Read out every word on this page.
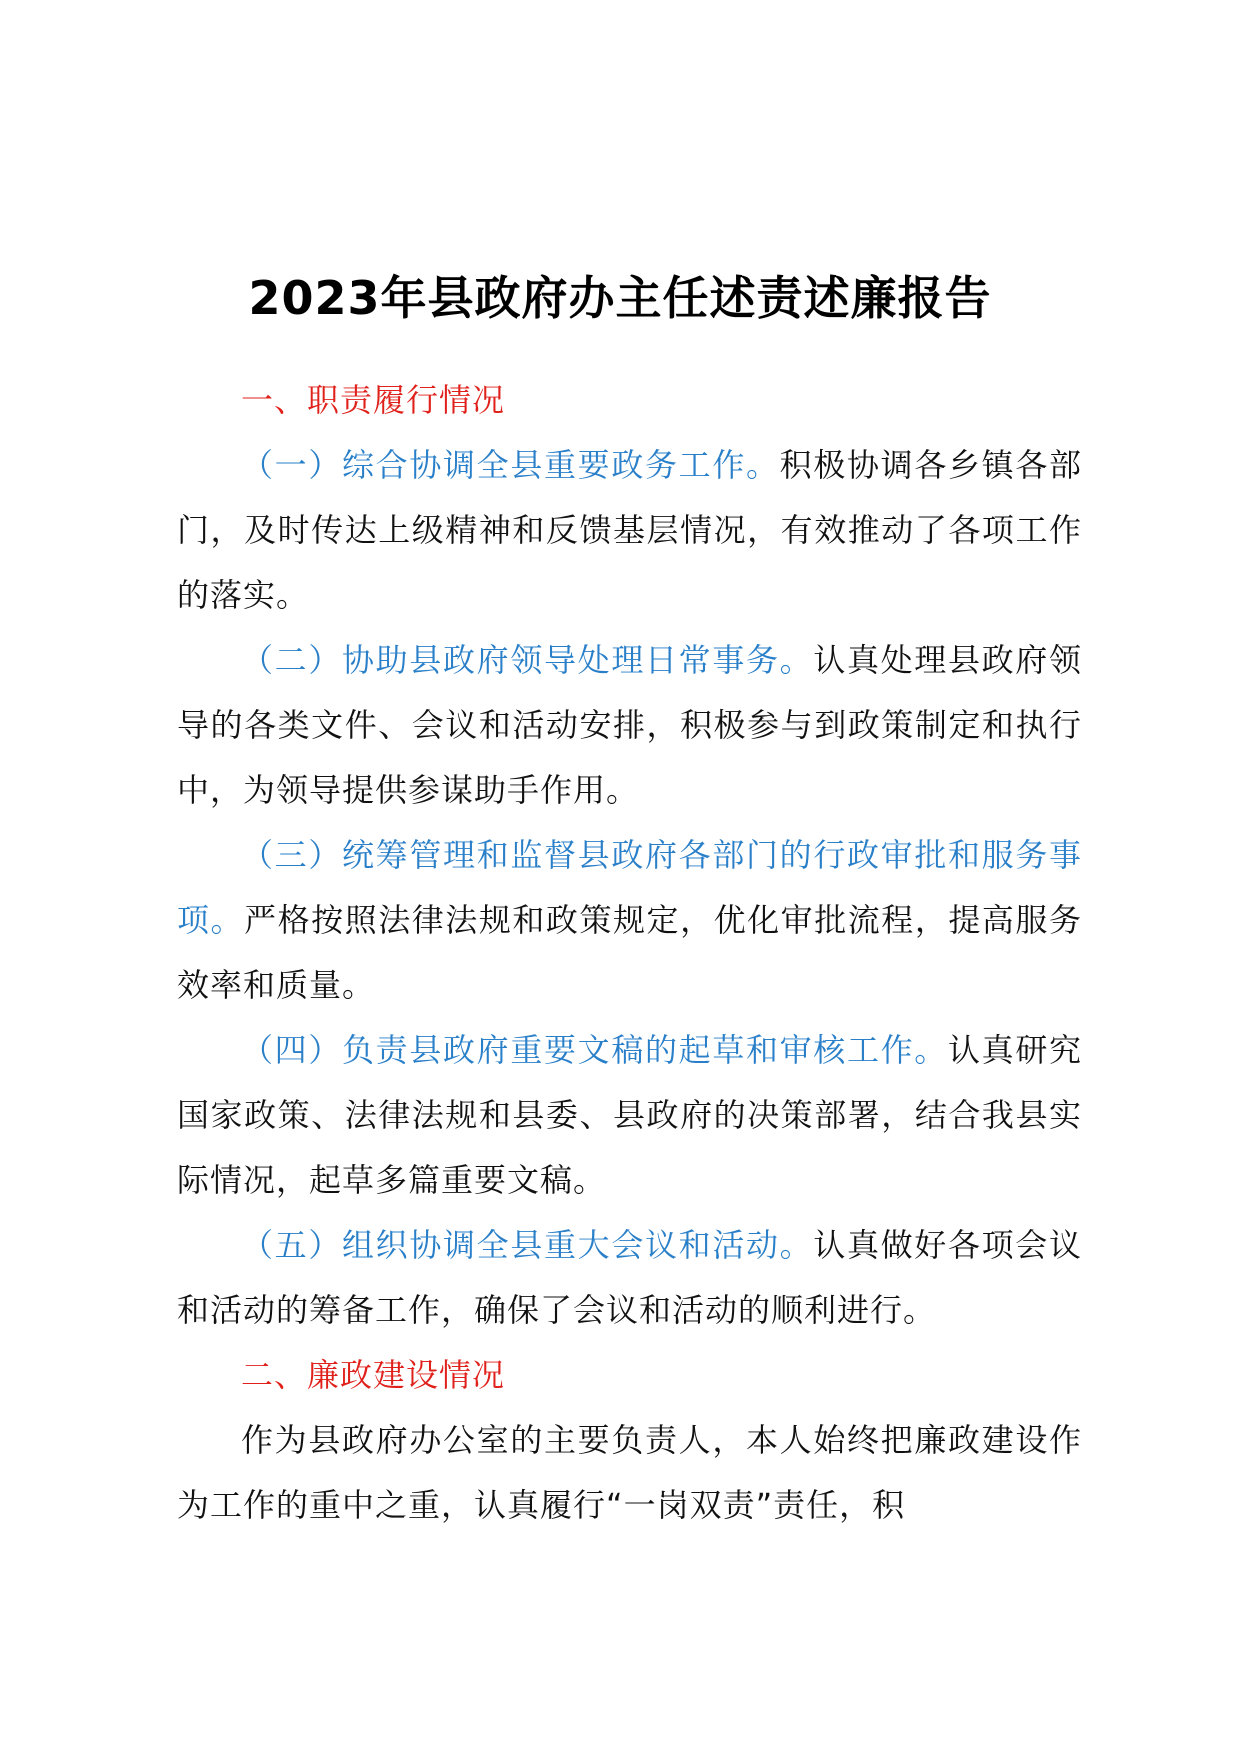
2023年县政府办主任述责述廉报告

一、职责履行情况

（一）综合协调全县重要政务工作。积极协调各乡镇各部门，及时传达上级精神和反馈基层情况，有效推动了各项工作的落实。

（二）协助县政府领导处理日常事务。认真处理县政府领导的各类文件、会议和活动安排，积极参与到政策制定和执行中，为领导提供参谋助手作用。

（三）统筹管理和监督县政府各部门的行政审批和服务事项。严格按照法律法规和政策规定，优化审批流程，提高服务效率和质量。

（四）负责县政府重要文稿的起草和审核工作。认真研究国家政策、法律法规和县委、县政府的决策部署，结合我县实际情况，起草多篇重要文稿。

（五）组织协调全县重大会议和活动。认真做好各项会议和活动的筹备工作，确保了会议和活动的顺利进行。

二、廉政建设情况

作为县政府办公室的主要负责人，本人始终把廉政建设作为工作的重中之重，认真履行“一岗双责”责任，积
